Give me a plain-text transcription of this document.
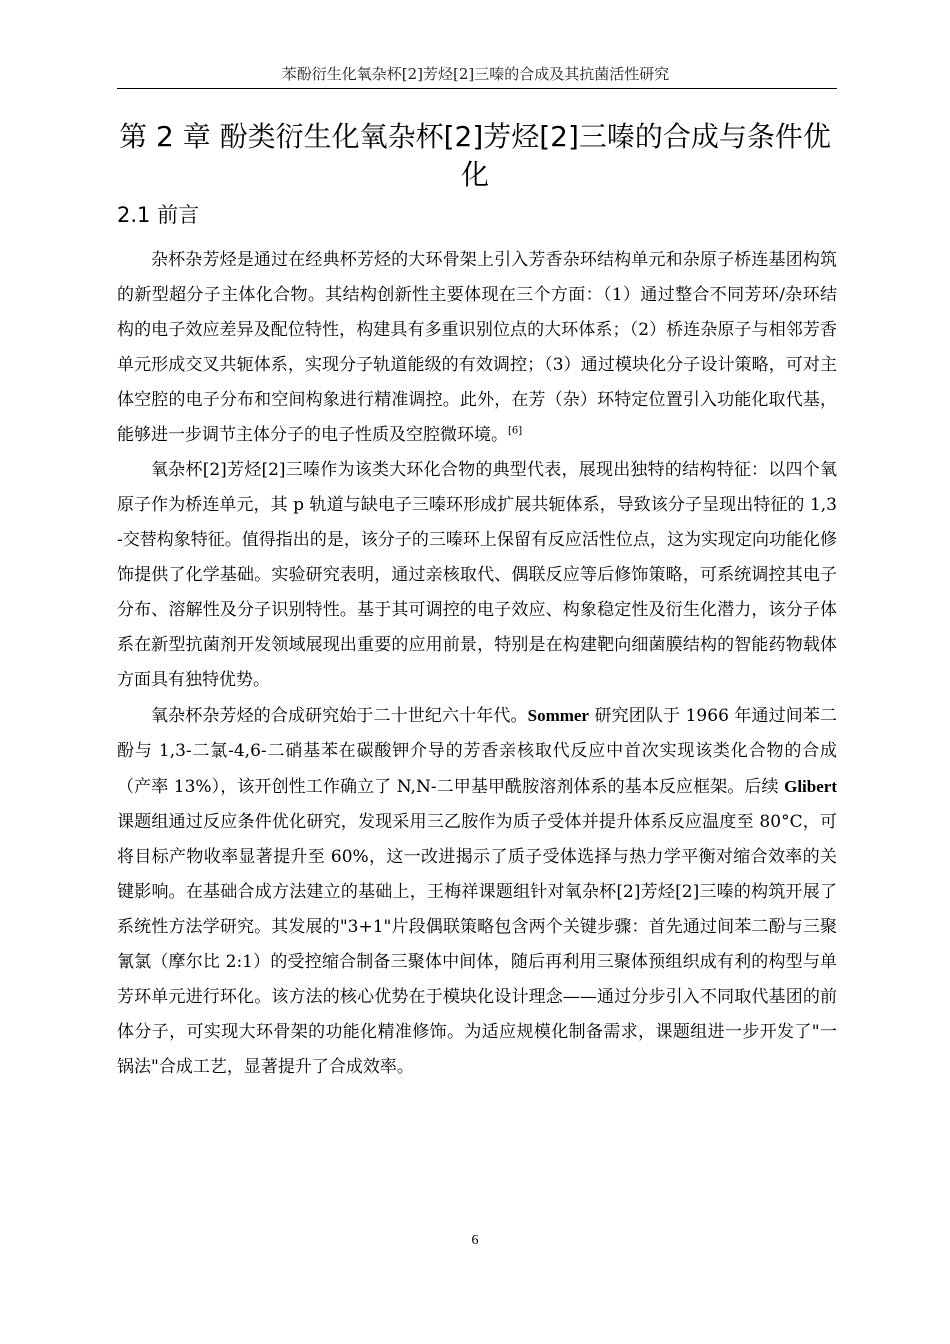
苯酚衍生化氧杂杯[2]芳烃[2]三嗪的合成及其抗菌活性研究
第 2 章 酚类衍生化氧杂杯[2]芳烃[2]三嗪的合成与条件优化
2.1 前言

杂杯杂芳烃是通过在经典杯芳烃的大环骨架上引入芳香杂环结构单元和杂原子桥连基团构筑的新型超分子主体化合物。其结构创新性主要体现在三个方面：（1）通过整合不同芳环/杂环结构的电子效应差异及配位特性，构建具有多重识别位点的大环体系；（2）桥连杂原子与相邻芳香单元形成交叉共轭体系，实现分子轨道能级的有效调控；（3）通过模块化分子设计策略，可对主体空腔的电子分布和空间构象进行精准调控。此外，在芳（杂）环特定位置引入功能化取代基，能够进一步调节主体分子的电子性质及空腔微环境。[6]

氧杂杯[2]芳烃[2]三嗪作为该类大环化合物的典型代表，展现出独特的结构特征：以四个氧原子作为桥连单元，其 p 轨道与缺电子三嗪环形成扩展共轭体系，导致该分子呈现出特征的 1,3-交替构象特征。值得指出的是，该分子的三嗪环上保留有反应活性位点，这为实现定向功能化修饰提供了化学基础。实验研究表明，通过亲核取代、偶联反应等后修饰策略，可系统调控其电子分布、溶解性及分子识别特性。基于其可调控的电子效应、构象稳定性及衍生化潜力，该分子体系在新型抗菌剂开发领域展现出重要的应用前景，特别是在构建靶向细菌膜结构的智能药物载体方面具有独特优势。

氧杂杯杂芳烃的合成研究始于二十世纪六十年代。Sommer 研究团队于 1966 年通过间苯二酚与 1,3-二氯-4,6-二硝基苯在碳酸钾介导的芳香亲核取代反应中首次实现该类化合物的合成（产率 13%），该开创性工作确立了 N,N-二甲基甲酰胺溶剂体系的基本反应框架。后续 Glibert 课题组通过反应条件优化研究，发现采用三乙胺作为质子受体并提升体系反应温度至 80°C，可将目标产物收率显著提升至 60%，这一改进揭示了质子受体选择与热力学平衡对缩合效率的关键影响。在基础合成方法建立的基础上，王梅祥课题组针对氧杂杯[2]芳烃[2]三嗪的构筑开展了系统性方法学研究。其发展的"3+1"片段偶联策略包含两个关键步骤：首先通过间苯二酚与三聚氰氯（摩尔比 2:1）的受控缩合制备三聚体中间体，随后再利用三聚体预组织成有利的构型与单芳环单元进行环化。该方法的核心优势在于模块化设计理念——通过分步引入不同取代基团的前体分子，可实现大环骨架的功能化精准修饰。为适应规模化制备需求，课题组进一步开发了"一锅法"合成工艺，显著提升了合成效率。

6
